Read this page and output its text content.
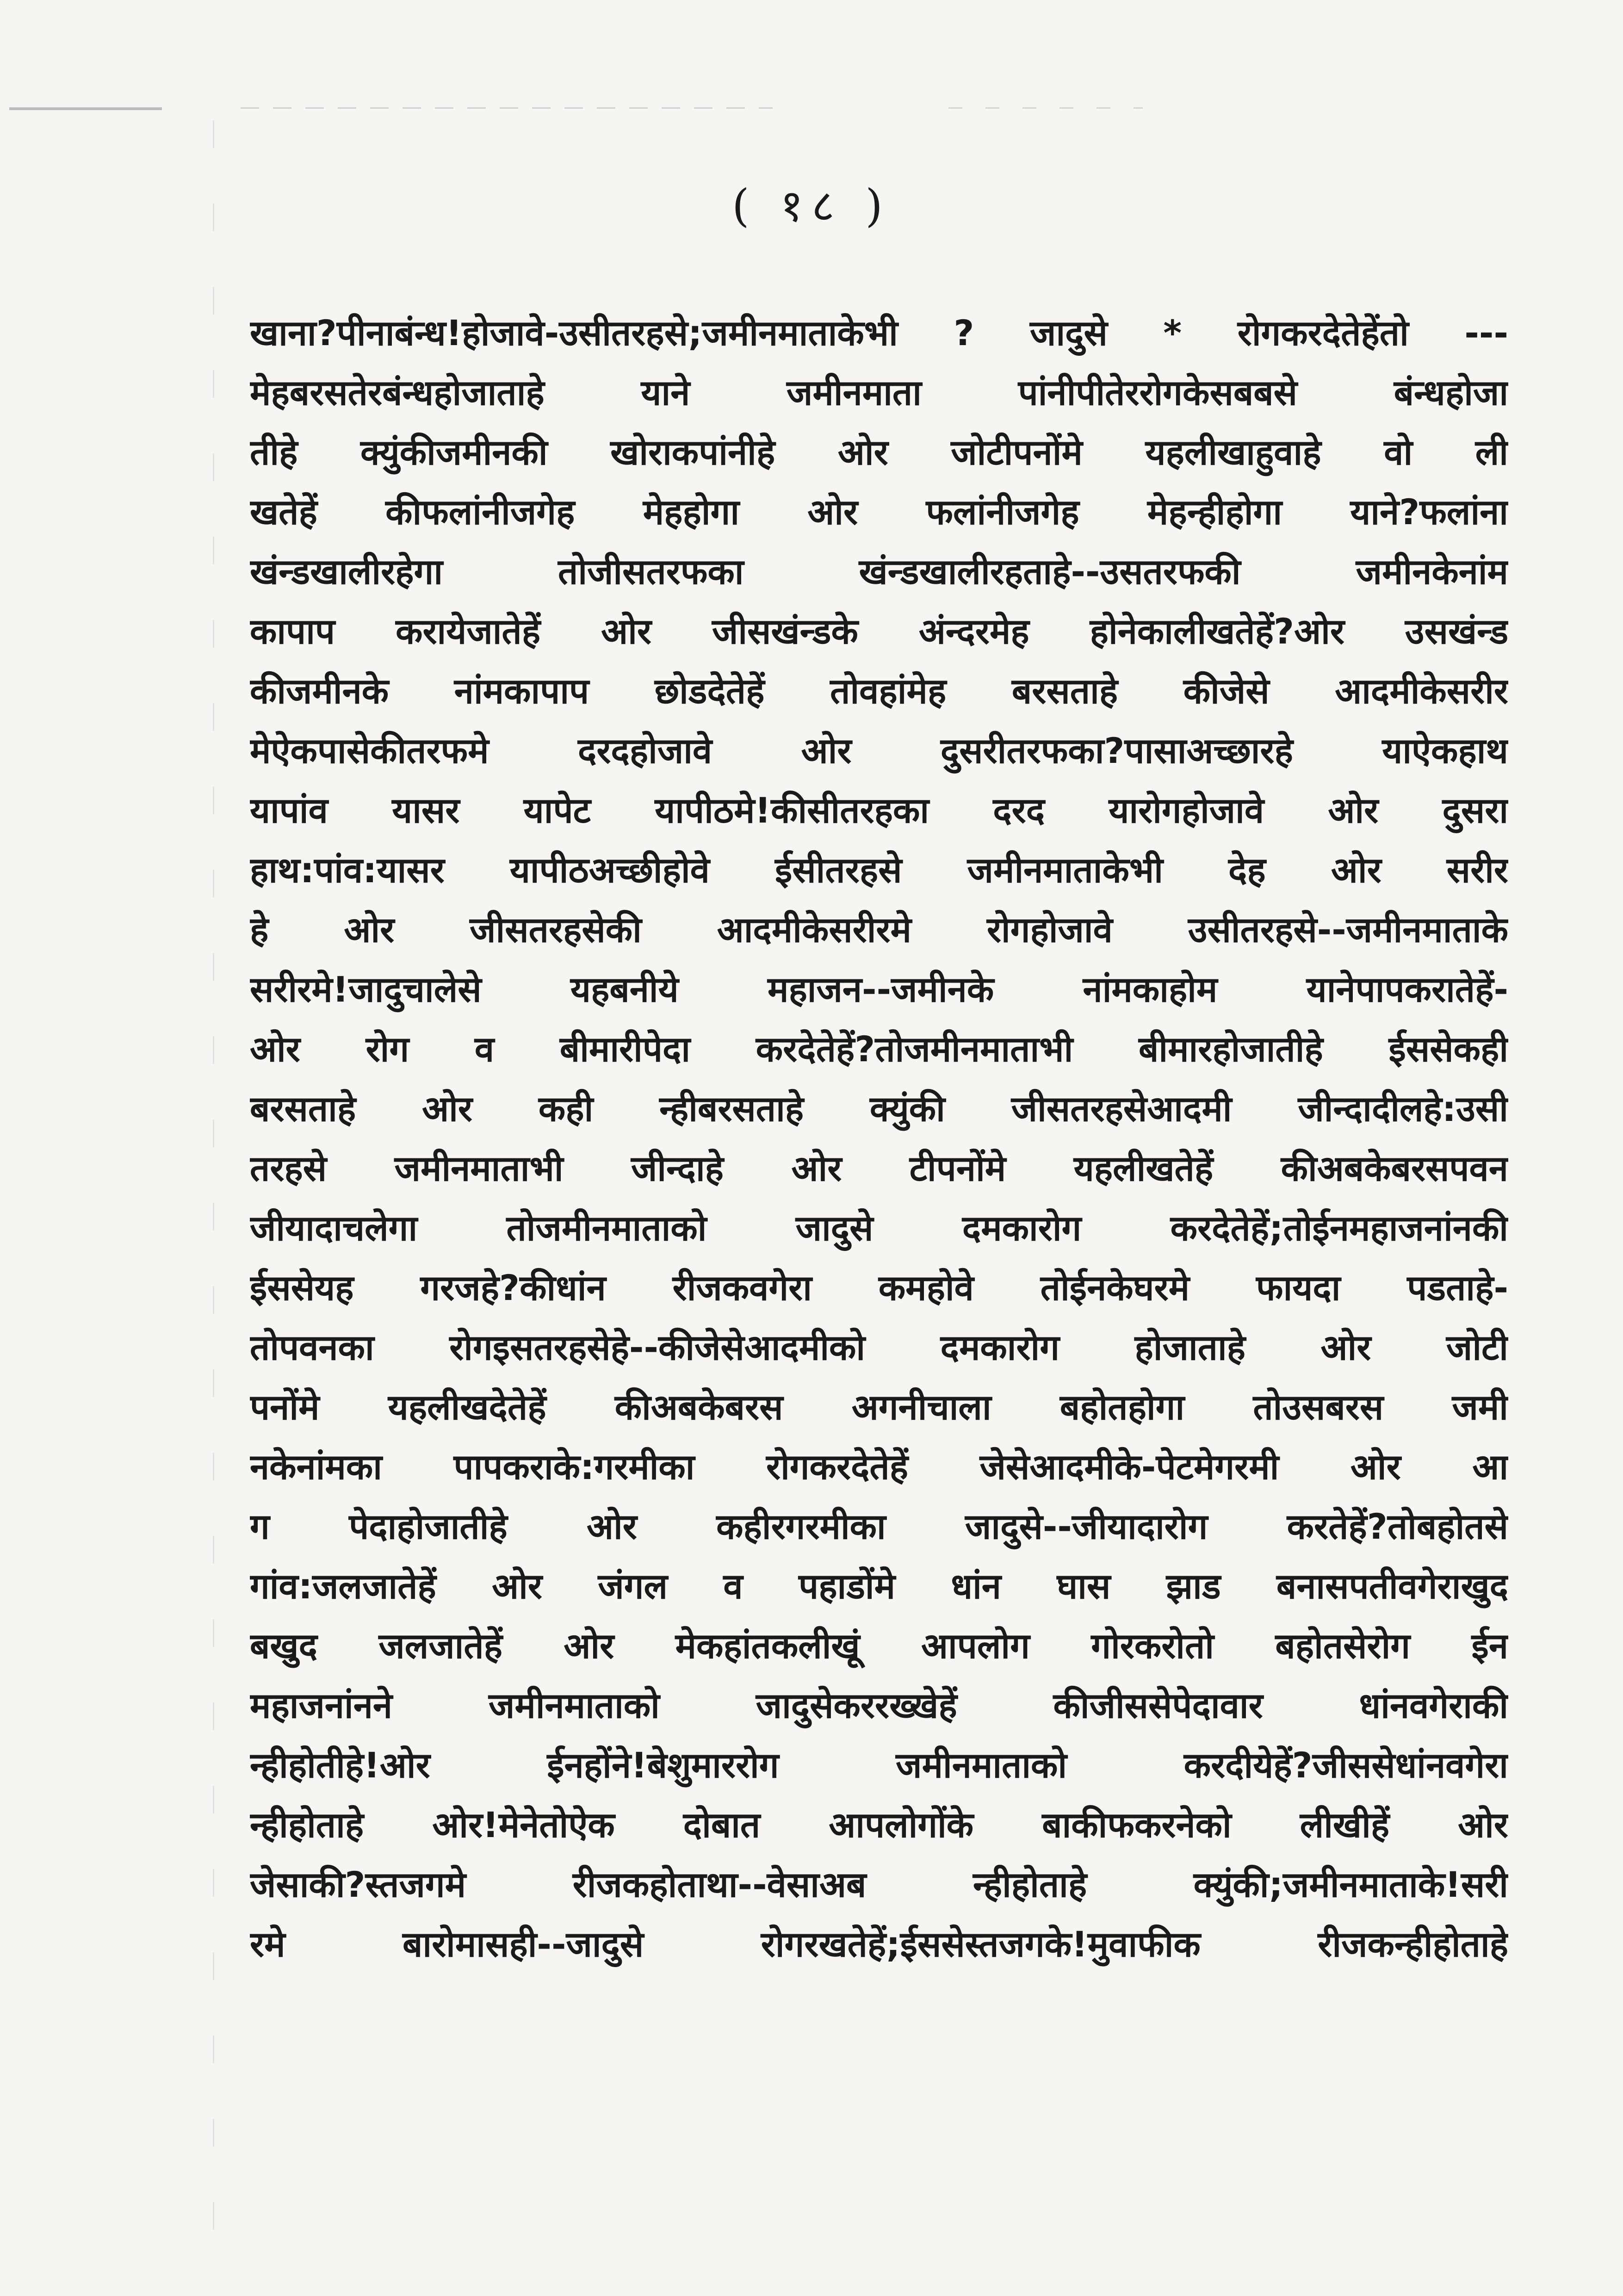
( १८ )
खाना?पीनाबंन्ध!होजावे-उसीतरहसे;जमीनमाताकेभी ? जादुसे * रोगकरदेतेहेंतो ---
मेहबरसतेरबंन्धहोजाताहे याने जमीनमाता पांनीपीतेररोगकेसबबसे बंन्धहोजा
तीहे क्युंकीजमीनकी खोराकपांनीहे ओर जोटीपनोंमे यहलीखाहुवाहे वो ली
खतेहें कीफलांनीजगेह मेहहोगा ओर फलांनीजगेह मेहन्हीहोगा याने?फलांना
खंन्डखालीरहेगा तोजीसतरफका खंन्डखालीरहताहे--उसतरफकी जमीनकेनांम
कापाप करायेजातेहें ओर जीसखंन्डके अंन्दरमेह होनेकालीखतेहें?ओर उसखंन्ड
कीजमीनके नांमकापाप छोडदेतेहें तोवहांमेह बरसताहे कीजेसे आदमीकेसरीर
मेऐकपासेकीतरफमे दरदहोजावे ओर दुसरीतरफका?पासाअच्छारहे याऐकहाथ
यापांव यासर यापेट यापीठमे!कीसीतरहका दरद यारोगहोजावे ओर दुसरा
हाथ:पांव:यासर यापीठअच्छीहोवे ईसीतरहसे जमीनमाताकेभी देह ओर सरीर
हे ओर जीसतरहसेकी आदमीकेसरीरमे रोगहोजावे उसीतरहसे--जमीनमाताके
सरीरमे!जादुचालेसे यहबनीये महाजन--जमीनके नांमकाहोम यानेपापकरातेहें-
ओर रोग व बीमारीपेदा करदेतेहें?तोजमीनमाताभी बीमारहोजातीहे ईससेकही
बरसताहे ओर कही न्हीबरसताहे क्युंकी जीसतरहसेआदमी जीन्दादीलहे:उसी
तरहसे जमीनमाताभी जीन्दाहे ओर टीपनोंमे यहलीखतेहें कीअबकेबरसपवन
जीयादाचलेगा तोजमीनमाताको जादुसे दमकारोग करदेतेहें;तोईनमहाजनांनकी
ईससेयह गरजहे?कीधांन रीजकवगेरा कमहोवे तोईनकेघरमे फायदा पडताहे-
तोपवनका रोगइसतरहसेहे--कीजेसेआदमीको दमकारोग होजाताहे ओर जोटी
पनोंमे यहलीखदेतेहें कीअबकेबरस अगनीचाला बहोतहोगा तोउसबरस जमी
नकेनांमका पापकराके:गरमीका रोगकरदेतेहें जेसेआदमीके-पेटमेगरमी ओर आ
ग पेदाहोजातीहे ओर कहीरगरमीका जादुसे--जीयादारोग करतेहें?तोबहोतसे
गांव:जलजातेहें ओर जंगल व पहाडोंमे धांन घास झाड बनासपतीवगेराखुद
बखुद जलजातेहें ओर मेकहांतकलीखूं आपलोग गोरकरोतो बहोतसेरोग ईन
महाजनांनने जमीनमाताको जादुसेकररख्खेहें कीजीससेपेदावार धांनवगेराकी
न्हीहोतीहे!ओर ईनहोंने!बेशुमाररोग जमीनमाताको करदीयेहें?जीससेधांनवगेरा
न्हीहोताहे ओर!मेनेतोऐक दोबात आपलोगोंके बाकीफकरनेको लीखीहें ओर
जेसाकी?स्तजगमे रीजकहोताथा--वेसाअब न्हीहोताहे क्युंकी;जमीनमाताके!सरी
रमे बारोमासही--जादुसे रोगरखतेहें;ईससेस्तजगके!मुवाफीक रीजकन्हीहोताहे
